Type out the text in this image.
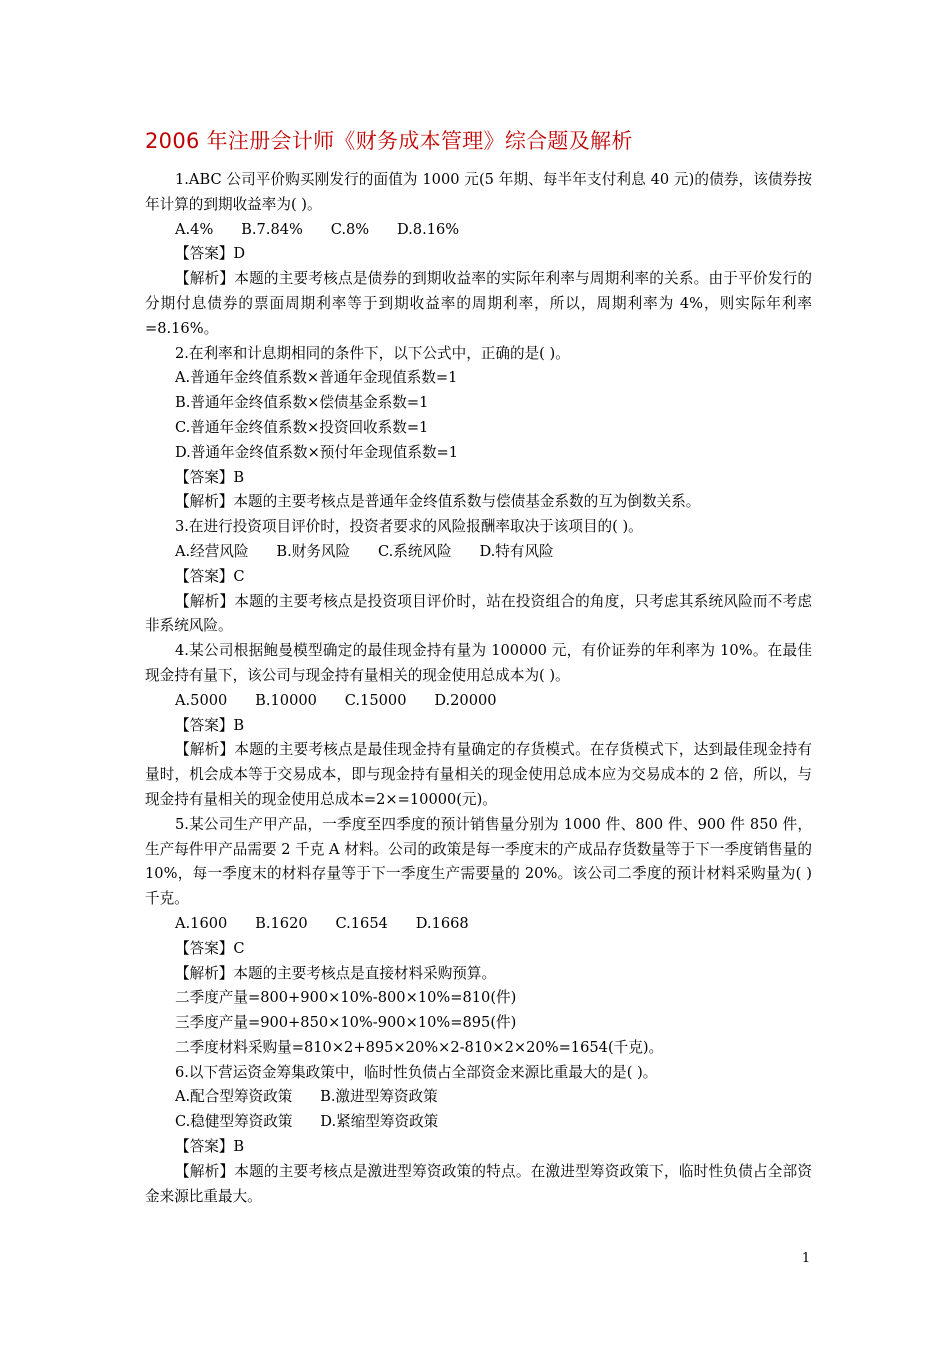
2006 年注册会计师《财务成本管理》综合题及解析

1.ABC 公司平价购买刚发行的面值为 1000 元(5 年期、每半年支付利息 40 元)的债券，该债券按年计算的到期收益率为( )。

A.4%      B.7.84%      C.8%      D.8.16%

【答案】D

【解析】本题的主要考核点是债券的到期收益率的实际年利率与周期利率的关系。由于平价发行的分期付息债券的票面周期利率等于到期收益率的周期利率，所以，周期利率为 4%，则实际年利率 =8.16%。

2.在利率和计息期相同的条件下，以下公式中，正确的是( )。

A.普通年金终值系数×普通年金现值系数=1

B.普通年金终值系数×偿债基金系数=1

C.普通年金终值系数×投资回收系数=1

D.普通年金终值系数×预付年金现值系数=1

【答案】B

【解析】本题的主要考核点是普通年金终值系数与偿债基金系数的互为倒数关系。

3.在进行投资项目评价时，投资者要求的风险报酬率取决于该项目的( )。

A.经营风险      B.财务风险      C.系统风险      D.特有风险

【答案】C

【解析】本题的主要考核点是投资项目评价时，站在投资组合的角度，只考虑其系统风险而不考虑非系统风险。

4.某公司根据鲍曼模型确定的最佳现金持有量为 100000 元，有价证券的年利率为 10%。在最佳现金持有量下，该公司与现金持有量相关的现金使用总成本为( )。

A.5000      B.10000      C.15000      D.20000

【答案】B

【解析】本题的主要考核点是最佳现金持有量确定的存货模式。在存货模式下，达到最佳现金持有量时，机会成本等于交易成本，即与现金持有量相关的现金使用总成本应为交易成本的 2 倍，所以，与现金持有量相关的现金使用总成本=2×=10000(元)。

5.某公司生产甲产品，一季度至四季度的预计销售量分别为 1000 件、800 件、900 件 850 件，生产每件甲产品需要 2 千克 A 材料。公司的政策是每一季度末的产成品存货数量等于下一季度销售量的 10%，每一季度末的材料存量等于下一季度生产需要量的 20%。该公司二季度的预计材料采购量为( )千克。

A.1600      B.1620      C.1654      D.1668

【答案】C

【解析】本题的主要考核点是直接材料采购预算。

二季度产量=800+900×10%-800×10%=810(件)

三季度产量=900+850×10%-900×10%=895(件)

二季度材料采购量=810×2+895×20%×2-810×2×20%=1654(千克)。

6.以下营运资金筹集政策中，临时性负债占全部资金来源比重最大的是( )。

A.配合型筹资政策      B.激进型筹资政策

C.稳健型筹资政策      D.紧缩型筹资政策

【答案】B

【解析】本题的主要考核点是激进型筹资政策的特点。在激进型筹资政策下，临时性负债占全部资金来源比重最大。

1
